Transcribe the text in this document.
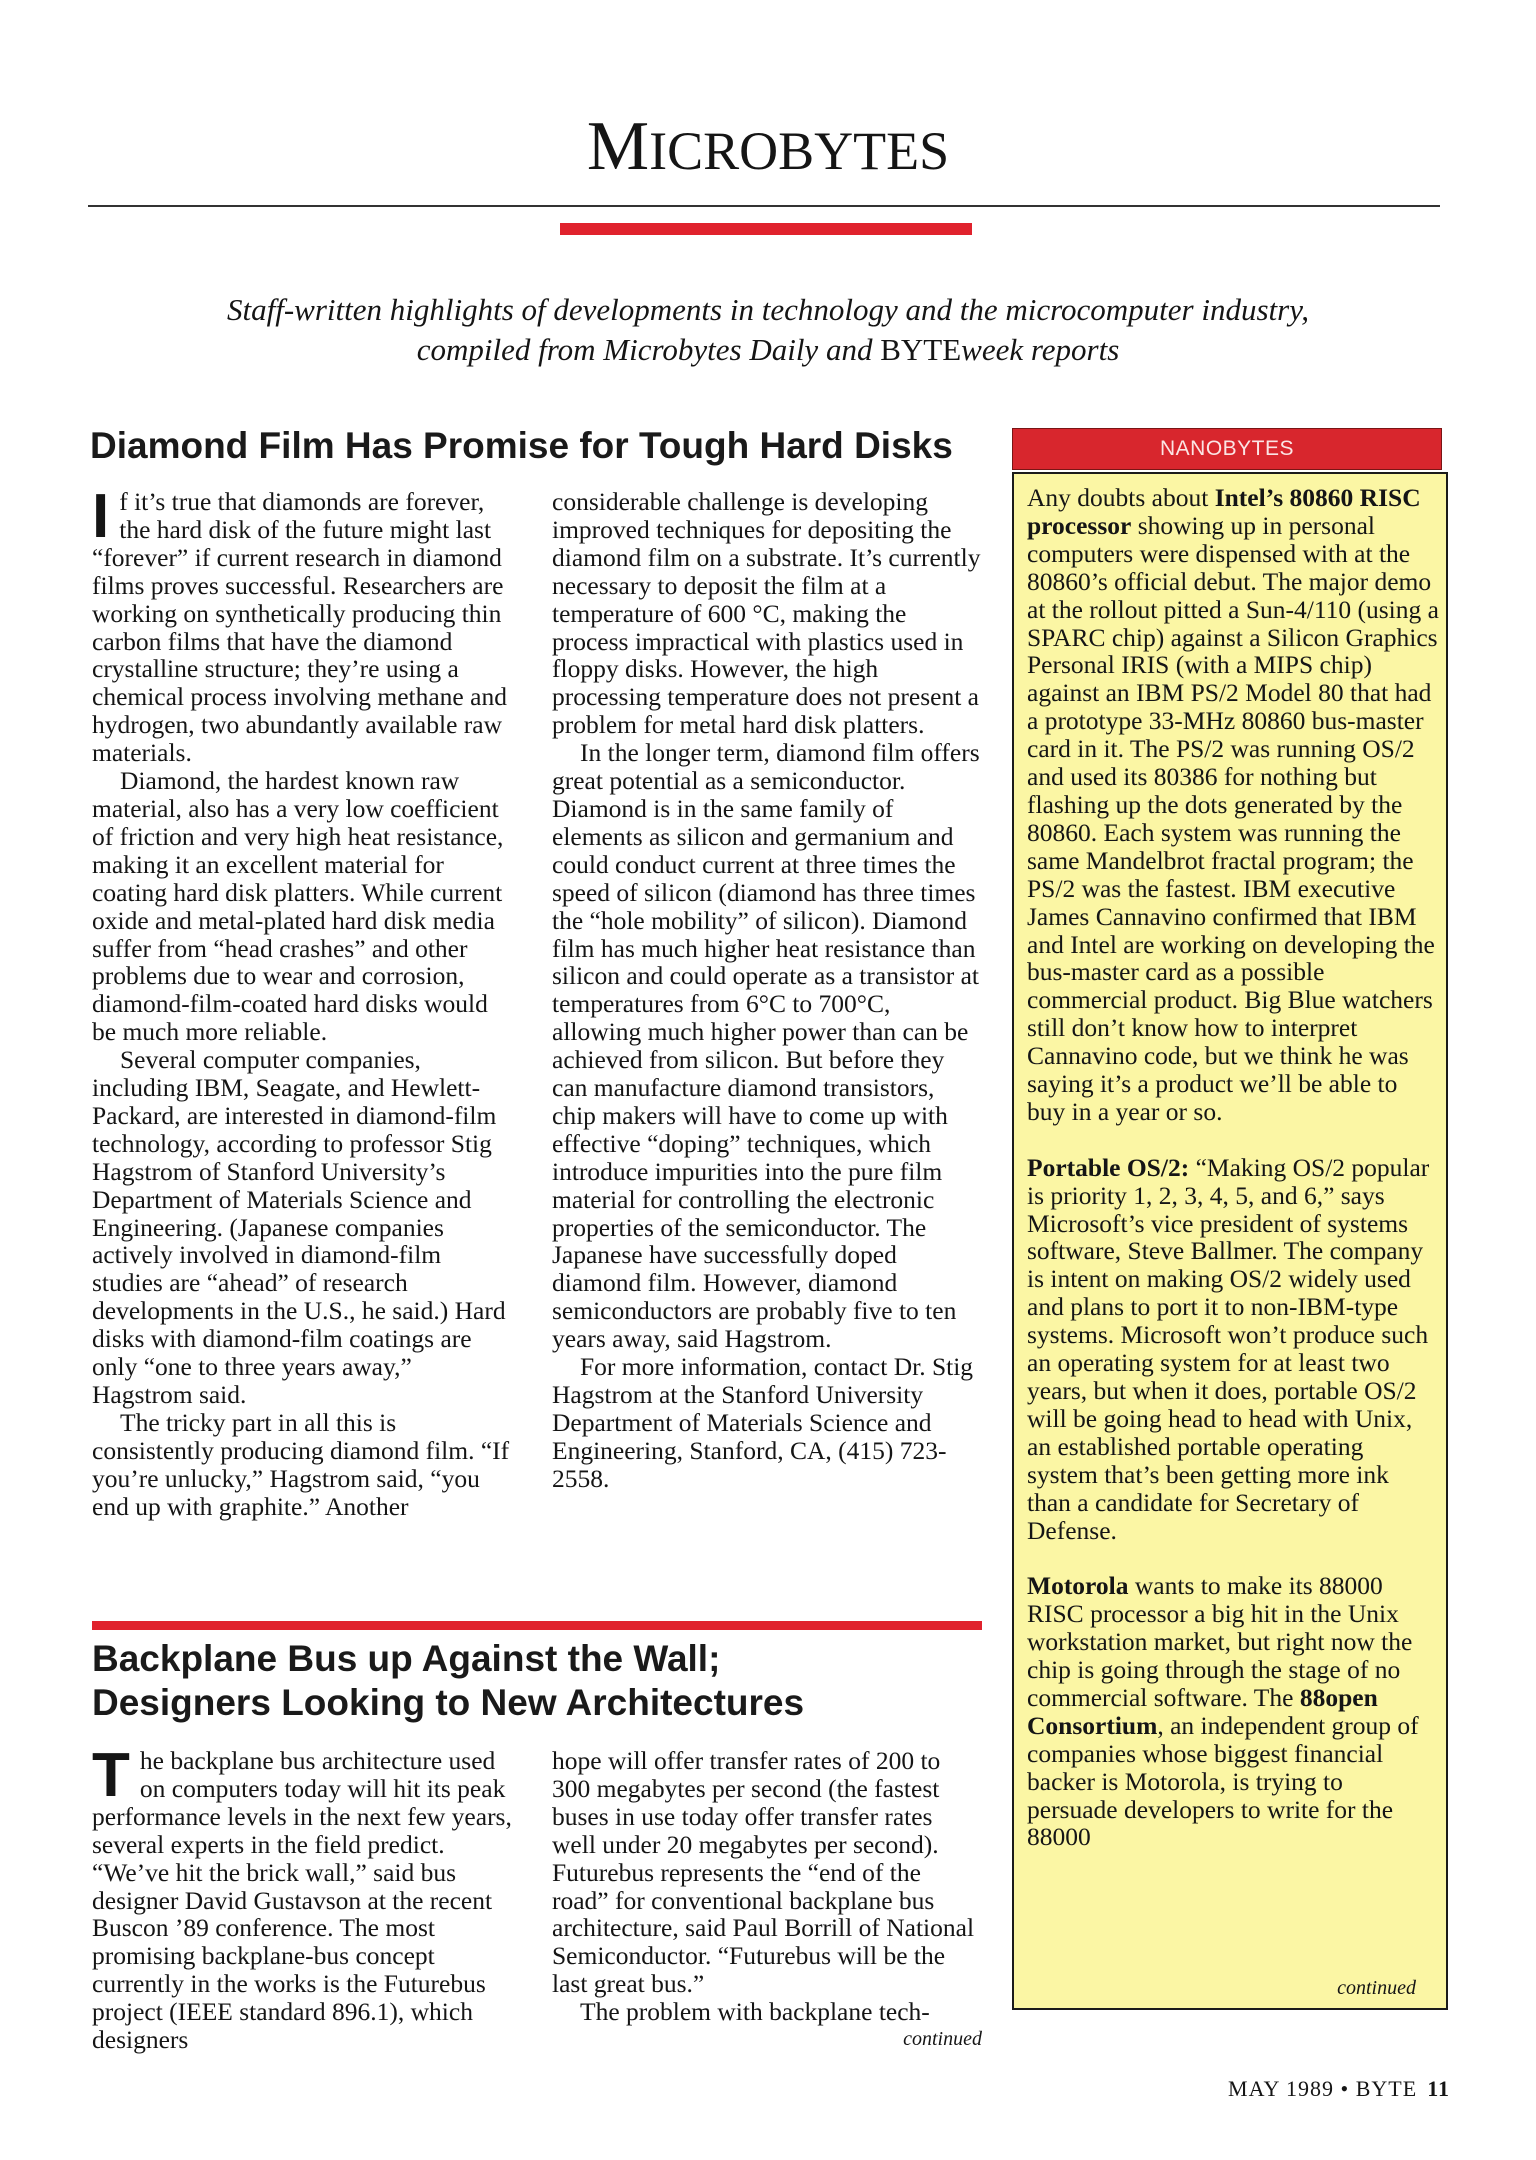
MICROBYTES
Staff-written highlights of developments in technology and the microcomputer industry,
compiled from Microbytes Daily and BYTEweek reports
Diamond Film Has Promise for Tough Hard Disks

If it’s true that diamonds are forever, the hard disk of the future might last “forever” if current research in diamond films proves successful. Researchers are working on synthetically producing thin carbon films that have the diamond crystalline structure; they’re using a chemical process involving methane and hydrogen, two abundantly available raw materials.

Diamond, the hardest known raw material, also has a very low coefficient of friction and very high heat resistance, making it an excellent material for coating hard disk platters. While current oxide and metal-plated hard disk media suffer from “head crashes” and other problems due to wear and corrosion, diamond-film-coated hard disks would be much more reliable.

Several computer companies, including IBM, Seagate, and Hewlett-Packard, are interested in diamond-film technology, according to professor Stig Hagstrom of Stanford University’s Department of Materials Science and Engineering. (Japanese companies actively involved in diamond-film studies are “ahead” of research developments in the U.S., he said.) Hard disks with diamond-film coatings are only “one to three years away,” Hagstrom said.

The tricky part in all this is consistently producing diamond film. “If you’re unlucky,” Hagstrom said, “you end up with graphite.” Another

considerable challenge is developing improved techniques for depositing the diamond film on a substrate. It’s currently necessary to deposit the film at a temperature of 600 °C, making the process impractical with plastics used in floppy disks. However, the high processing temperature does not present a problem for metal hard disk platters.

In the longer term, diamond film offers great potential as a semiconductor. Diamond is in the same family of elements as silicon and germanium and could conduct current at three times the speed of silicon (diamond has three times the “hole mobility” of silicon). Diamond film has much higher heat resistance than silicon and could operate as a transistor at temperatures from 6°C to 700°C, allowing much higher power than can be achieved from silicon. But before they can manufacture diamond transistors, chip makers will have to come up with effective “doping” techniques, which introduce impurities into the pure film material for controlling the electronic properties of the semiconductor. The Japanese have successfully doped diamond film. However, diamond semiconductors are probably five to ten years away, said Hagstrom.

For more information, contact Dr. Stig Hagstrom at the Stanford University Department of Materials Science and Engineering, Stanford, CA, (415) 723-2558.

Backplane Bus up Against the Wall;
Designers Looking to New Architectures

The backplane bus architecture used on computers today will hit its peak performance levels in the next few years, several experts in the field predict. “We’ve hit the brick wall,” said bus designer David Gustavson at the recent Buscon ’89 conference. The most promising backplane-bus concept currently in the works is the Futurebus project (IEEE standard 896.1), which designers

hope will offer transfer rates of 200 to 300 megabytes per second (the fastest buses in use today offer transfer rates well under 20 megabytes per second). Futurebus represents the “end of the road” for conventional backplane bus architecture, said Paul Borrill of National Semiconductor. “Futurebus will be the last great bus.”

The problem with backplane tech-

continued
NANOBYTES

Any doubts about Intel’s 80860 RISC processor showing up in personal computers were dispensed with at the 80860’s official debut. The major demo at the rollout pitted a Sun-4/110 (using a SPARC chip) against a Silicon Graphics Personal IRIS (with a MIPS chip) against an IBM PS/2 Model 80 that had a prototype 33-MHz 80860 bus-master card in it. The PS/2 was running OS/2 and used its 80386 for nothing but flashing up the dots generated by the 80860. Each system was running the same Mandelbrot fractal program; the PS/2 was the fastest. IBM executive James Cannavino confirmed that IBM and Intel are working on developing the bus-master card as a possible commercial product. Big Blue watchers still don’t know how to interpret Cannavino code, but we think he was saying it’s a product we’ll be able to buy in a year or so.

Portable OS/2: “Making OS/2 popular is priority 1, 2, 3, 4, 5, and 6,” says Microsoft’s vice president of systems software, Steve Ballmer. The company is intent on making OS/2 widely used and plans to port it to non-IBM-type systems. Microsoft won’t produce such an operating system for at least two years, but when it does, portable OS/2 will be going head to head with Unix, an established portable operating system that’s been getting more ink than a candidate for Secretary of Defense.

Motorola wants to make its 88000 RISC processor a big hit in the Unix workstation market, but right now the chip is going through the stage of no commercial software. The 88open Consortium, an independent group of companies whose biggest financial backer is Motorola, is trying to persuade developers to write for the 88000

continued
MAY 1989 • BYTE 11
